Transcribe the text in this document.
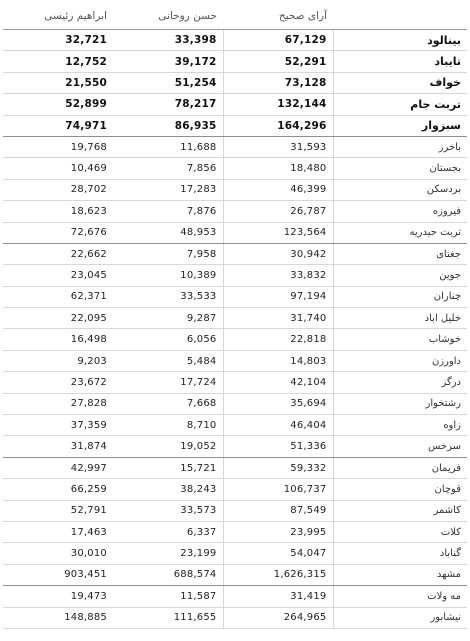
ابراهیم رئیسی	حسن روحانی	آرای صحیح	
32,721	33,398	67,129	بینالود
12,752	39,172	52,291	تایباد
21,550	51,254	73,128	خواف
52,899	78,217	132,144	تربت جام
74,971	86,935	164,296	سبزوار
19,768	11,688	31,593	باخرز
10,469	7,856	18,480	بجستان
28,702	17,283	46,399	بردسکن
18,623	7,876	26,787	فیروزه
72,676	48,953	123,564	تربت حیدریه
22,662	7,958	30,942	جغتای
23,045	10,389	33,832	جوین
62,371	33,533	97,194	چناران
22,095	9,287	31,740	خلیل اباد
16,498	6,056	22,818	خوشاب
9,203	5,484	14,803	داورزن
23,672	17,724	42,104	درگز
27,828	7,668	35,694	رشتخوار
37,359	8,710	46,404	زاوه
31,874	19,052	51,336	سرخس
42,997	15,721	59,332	فریمان
66,259	38,243	106,737	قوچان
52,791	33,573	87,549	کاشمر
17,463	6,337	23,995	کلات
30,010	23,199	54,047	گناباد
903,451	688,574	1,626,315	مشهد
19,473	11,587	31,419	مه ولات
148,885	111,655	264,965	نیشابور
